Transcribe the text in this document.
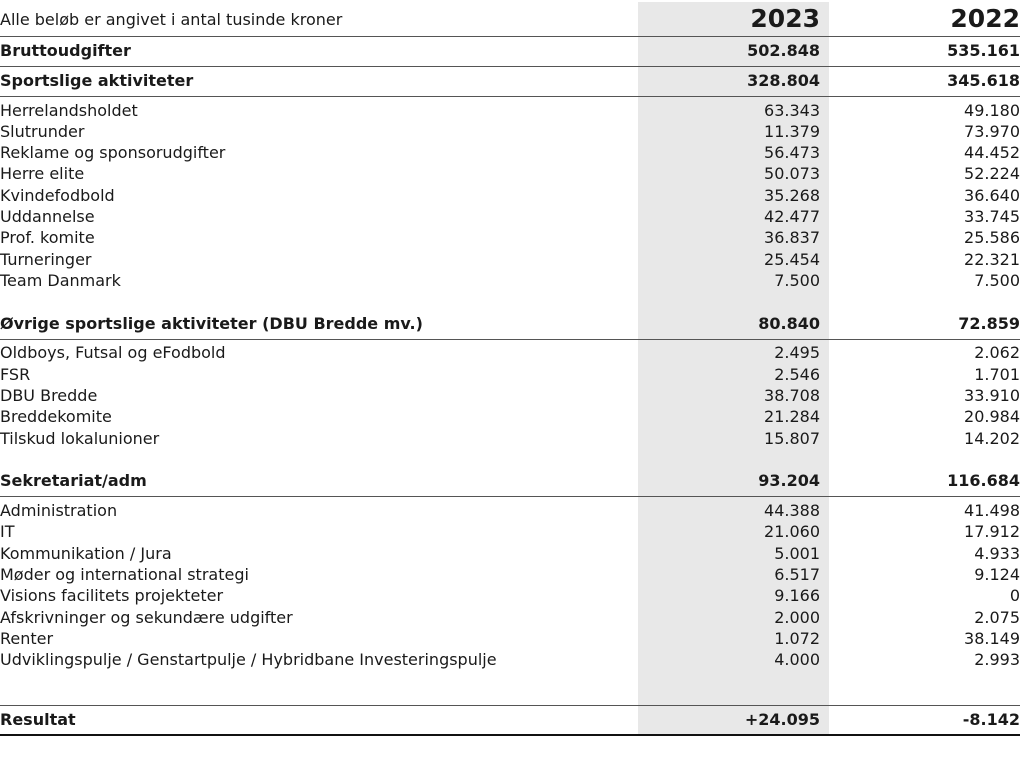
Alle beløb er angivet i antal tusinde kroner	2023	2022
Bruttoudgifter	502.848	535.161
Sportslige aktiviteter	328.804	345.618
Herrelandsholdet	63.343	49.180
Slutrunder	11.379	73.970
Reklame og sponsorudgifter	56.473	44.452
Herre elite	50.073	52.224
Kvindefodbold	35.268	36.640
Uddannelse	42.477	33.745
Prof. komite	36.837	25.586
Turneringer	25.454	22.321
Team Danmark	7.500	7.500
Øvrige sportslige aktiviteter (DBU Bredde mv.)	80.840	72.859
Oldboys, Futsal og eFodbold	2.495	2.062
FSR	2.546	1.701
DBU Bredde	38.708	33.910
Breddekomite	21.284	20.984
Tilskud lokalunioner	15.807	14.202
Sekretariat/adm	93.204	116.684
Administration	44.388	41.498
IT	21.060	17.912
Kommunikation / Jura	5.001	4.933
Møder og international strategi	6.517	9.124
Visions facilitets projekteter	9.166	0
Afskrivninger og sekundære udgifter	2.000	2.075
Renter	1.072	38.149
Udviklingspulje / Genstartpulje / Hybridbane Investeringspulje	4.000	2.993
Resultat	+24.095	-8.142
